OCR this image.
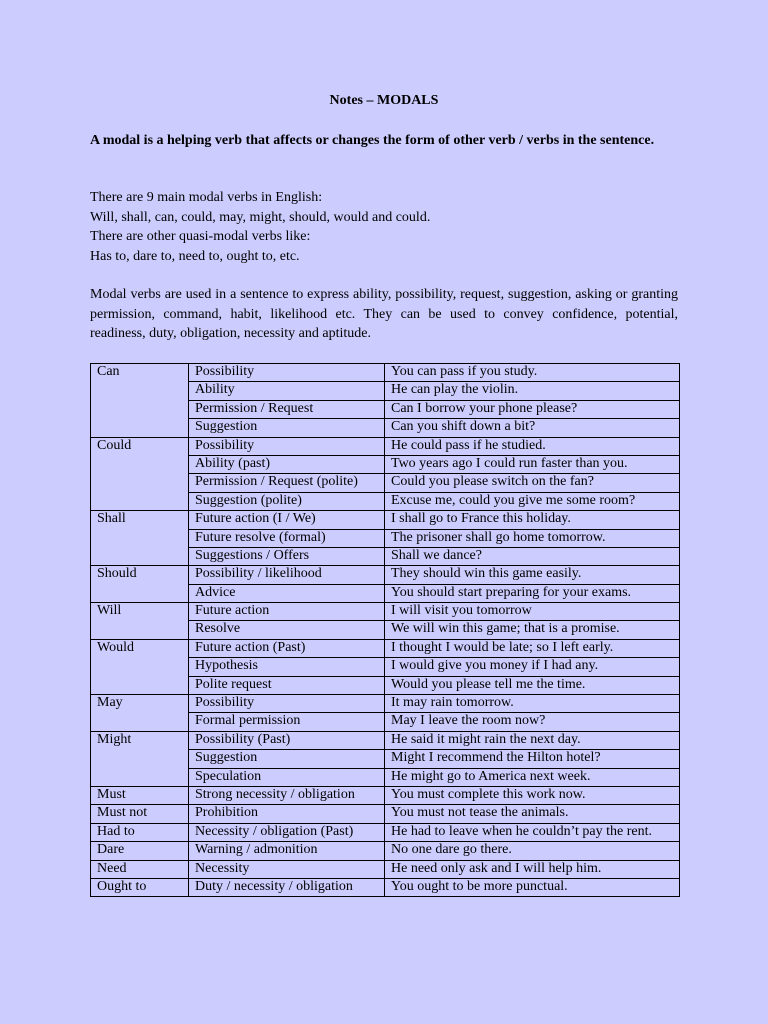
Notes – MODALS
A modal is a helping verb that affects or changes the form of other verb / verbs in the sentence.
There are 9 main modal verbs in English:
Will, shall, can, could, may, might, should, would and could.
There are other quasi-modal verbs like:
Has to, dare to, need to, ought to, etc.
Modal verbs are used in a sentence to express ability, possibility, request, suggestion, asking or granting permission, command, habit, likelihood etc. They can be used to convey confidence, potential, readiness, duty, obligation, necessity and aptitude.
Can	Possibility	You can pass if you study.
	Ability	He can play the violin.
	Permission / Request	Can I borrow your phone please?
	Suggestion	Can you shift down a bit?
Could	Possibility	He could pass if he studied.
	Ability (past)	Two years ago I could run faster than you.
	Permission / Request (polite)	Could you please switch on the fan?
	Suggestion (polite)	Excuse me, could you give me some room?
Shall	Future action (I / We)	I shall go to France this holiday.
	Future resolve (formal)	The prisoner shall go home tomorrow.
	Suggestions / Offers	Shall we dance?
Should	Possibility / likelihood	They should win this game easily.
	Advice	You should start preparing for your exams.
Will	Future action	I will visit you tomorrow
	Resolve	We will win this game; that is a promise.
Would	Future action (Past)	I thought I would be late; so I left early.
	Hypothesis	I would give you money if I had any.
	Polite request	Would you please tell me the time.
May	Possibility	It may rain tomorrow.
	Formal permission	May I leave the room now?
Might	Possibility (Past)	He said it might rain the next day.
	Suggestion	Might I recommend the Hilton hotel?
	Speculation	He might go to America next week.
Must	Strong necessity / obligation	You must complete this work now.
Must not	Prohibition	You must not tease the animals.
Had to	Necessity / obligation (Past)	He had to leave when he couldn’t pay the rent.
Dare	Warning / admonition	No one dare go there.
Need	Necessity	He need only ask and I will help him.
Ought to	Duty / necessity / obligation	You ought to be more punctual.
